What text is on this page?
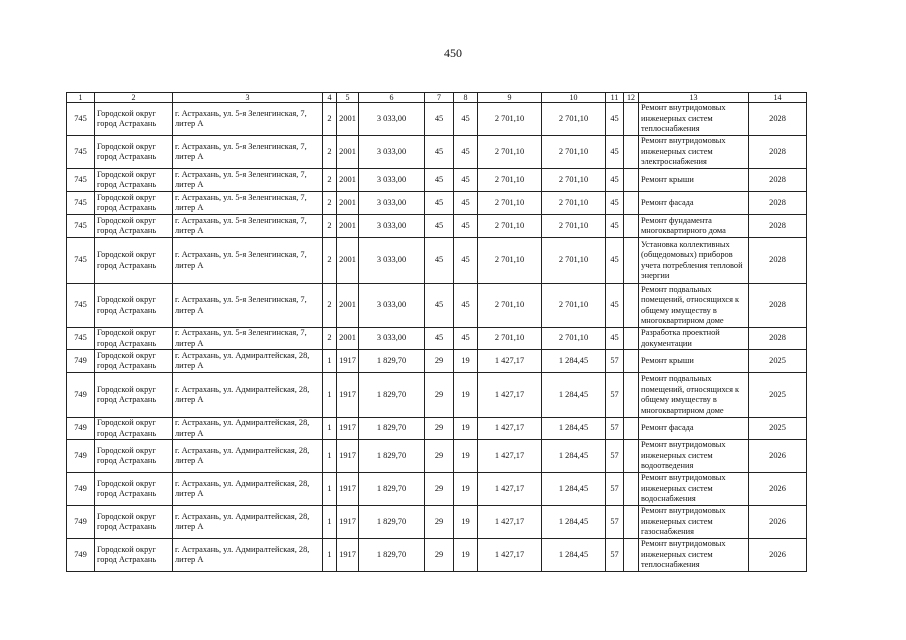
450
1	2	3	4	5	6	7	8	9	10	11	12	13	14
745	Городской округ город Астрахань	г. Астрахань, ул. 5-я Зеленгинская, 7, литер А	2	2001	3 033,00	45	45	2 701,10	2 701,10	45		Ремонт внутридомовых инженерных систем теплоснабжения	2028
745	Городской округ город Астрахань	г. Астрахань, ул. 5-я Зеленгинская, 7, литер А	2	2001	3 033,00	45	45	2 701,10	2 701,10	45		Ремонт внутридомовых инженерных систем электроснабжения	2028
745	Городской округ город Астрахань	г. Астрахань, ул. 5-я Зеленгинская, 7, литер А	2	2001	3 033,00	45	45	2 701,10	2 701,10	45		Ремонт крыши	2028
745	Городской округ город Астрахань	г. Астрахань, ул. 5-я Зеленгинская, 7, литер А	2	2001	3 033,00	45	45	2 701,10	2 701,10	45		Ремонт фасада	2028
745	Городской округ город Астрахань	г. Астрахань, ул. 5-я Зеленгинская, 7, литер А	2	2001	3 033,00	45	45	2 701,10	2 701,10	45		Ремонт фундамента многоквартирного дома	2028
745	Городской округ город Астрахань	г. Астрахань, ул. 5-я Зеленгинская, 7, литер А	2	2001	3 033,00	45	45	2 701,10	2 701,10	45		Установка коллективных (общедомовых) приборов учета потребления тепловой энергии	2028
745	Городской округ город Астрахань	г. Астрахань, ул. 5-я Зеленгинская, 7, литер А	2	2001	3 033,00	45	45	2 701,10	2 701,10	45		Ремонт подвальных помещений, относящихся к общему имуществу в многоквартирном доме	2028
745	Городской округ город Астрахань	г. Астрахань, ул. 5-я Зеленгинская, 7, литер А	2	2001	3 033,00	45	45	2 701,10	2 701,10	45		Разработка проектной документации	2028
749	Городской округ город Астрахань	г. Астрахань, ул. Адмиралтейская, 28, литер А	1	1917	1 829,70	29	19	1 427,17	1 284,45	57		Ремонт крыши	2025
749	Городской округ город Астрахань	г. Астрахань, ул. Адмиралтейская, 28, литер А	1	1917	1 829,70	29	19	1 427,17	1 284,45	57		Ремонт подвальных помещений, относящихся к общему имуществу в многоквартирном доме	2025
749	Городской округ город Астрахань	г. Астрахань, ул. Адмиралтейская, 28, литер А	1	1917	1 829,70	29	19	1 427,17	1 284,45	57		Ремонт фасада	2025
749	Городской округ город Астрахань	г. Астрахань, ул. Адмиралтейская, 28, литер А	1	1917	1 829,70	29	19	1 427,17	1 284,45	57		Ремонт внутридомовых инженерных систем водоотведения	2026
749	Городской округ город Астрахань	г. Астрахань, ул. Адмиралтейская, 28, литер А	1	1917	1 829,70	29	19	1 427,17	1 284,45	57		Ремонт внутридомовых инженерных систем водоснабжения	2026
749	Городской округ город Астрахань	г. Астрахань, ул. Адмиралтейская, 28, литер А	1	1917	1 829,70	29	19	1 427,17	1 284,45	57		Ремонт внутридомовых инженерных систем газоснабжения	2026
749	Городской округ город Астрахань	г. Астрахань, ул. Адмиралтейская, 28, литер А	1	1917	1 829,70	29	19	1 427,17	1 284,45	57		Ремонт внутридомовых инженерных систем теплоснабжения	2026
